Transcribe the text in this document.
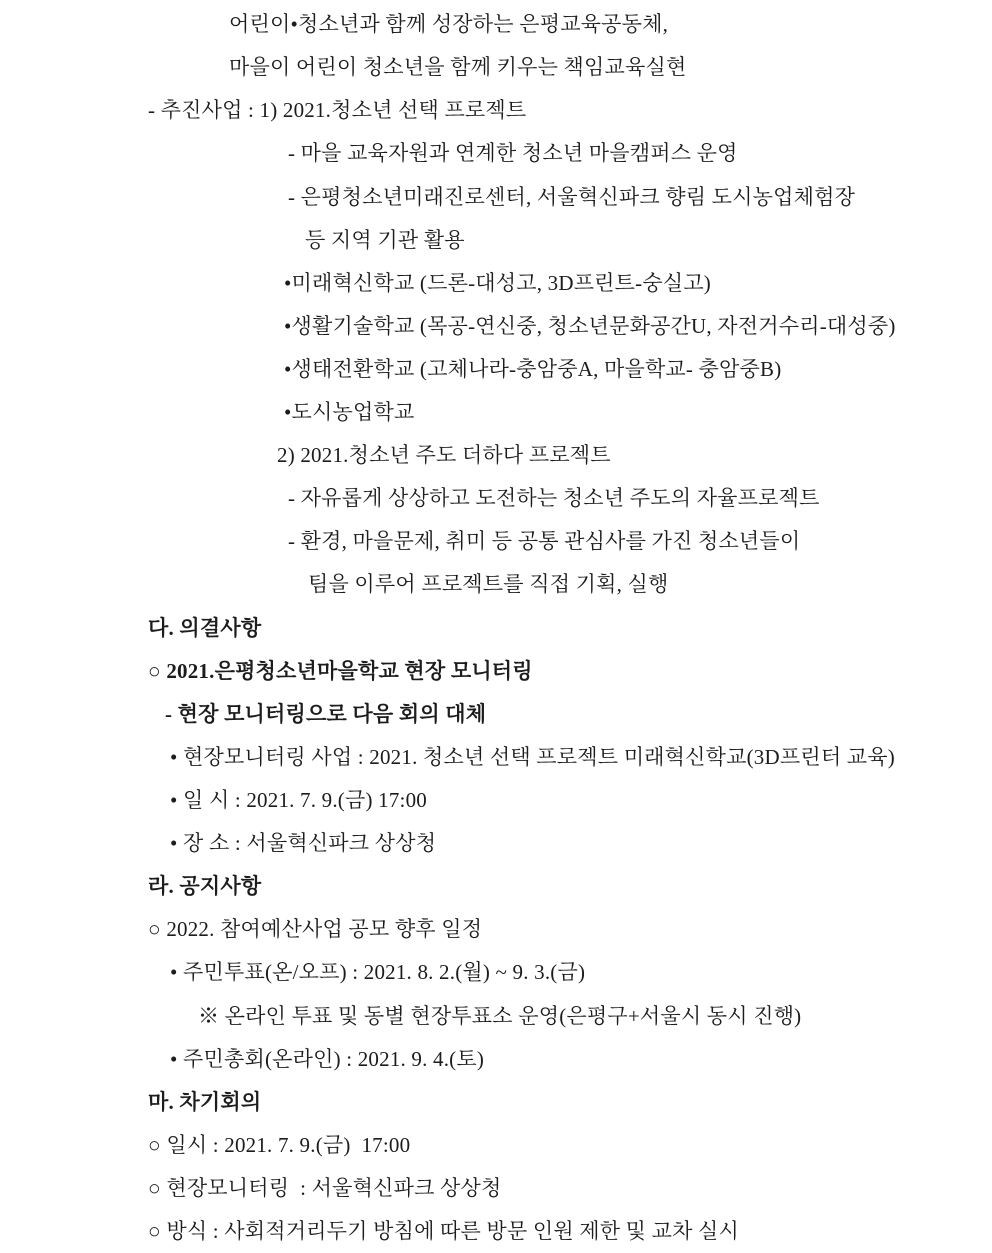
어린이•청소년과 함께 성장하는 은평교육공동체,
마을이 어린이 청소년을 함께 키우는 책임교육실현
- 추진사업 : 1) 2021.청소년 선택 프로젝트
- 마을 교육자원과 연계한 청소년 마을캠퍼스 운영
- 은평청소년미래진로센터, 서울혁신파크 향림 도시농업체험장
등 지역 기관 활용
•미래혁신학교 (드론-대성고, 3D프린트-숭실고)
•생활기술학교 (목공-연신중, 청소년문화공간U, 자전거수리-대성중)
•생태전환학교 (고체나라-충암중A, 마을학교- 충암중B)
•도시농업학교
2) 2021.청소년 주도 더하다 프로젝트
- 자유롭게 상상하고 도전하는 청소년 주도의 자율프로젝트
- 환경, 마을문제, 취미 등 공통 관심사를 가진 청소년들이
팀을 이루어 프로젝트를 직접 기획, 실행
다. 의결사항
○ 2021.은평청소년마을학교 현장 모니터링
- 현장 모니터링으로 다음 회의 대체
• 현장모니터링 사업 : 2021. 청소년 선택 프로젝트 미래혁신학교(3D프린터 교육)
• 일 시 : 2021. 7. 9.(금) 17:00
• 장 소 : 서울혁신파크 상상청
라. 공지사항
○ 2022. 참여예산사업 공모 향후 일정
• 주민투표(온/오프) : 2021. 8. 2.(월) ~ 9. 3.(금)
※ 온라인 투표 및 동별 현장투표소 운영(은평구+서울시 동시 진행)
• 주민총회(온라인) : 2021. 9. 4.(토)
마. 차기회의
○ 일시 : 2021. 7. 9.(금)  17:00
○ 현장모니터링  : 서울혁신파크 상상청
○ 방식 : 사회적거리두기 방침에 따른 방문 인원 제한 및 교차 실시
